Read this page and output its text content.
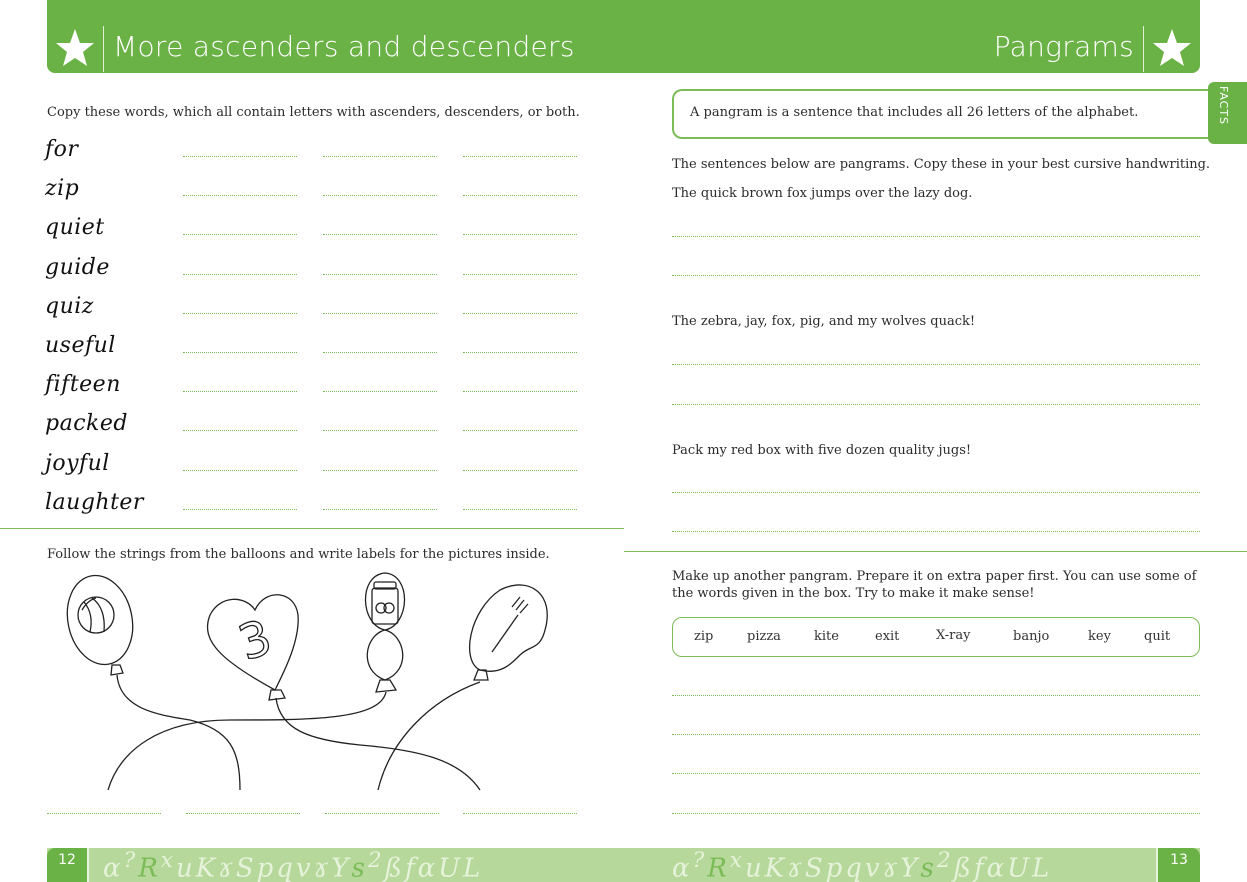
More ascenders and descenders	Pangrams
Copy these words, which all contain letters with ascenders, descenders, or both.
for
zip
quiet
guide
quiz
useful
fifteen
packed
joyful
laughter
Follow the strings from the balloons and write labels for the pictures inside.
3
A pangram is a sentence that includes all 26 letters of the alphabet.	FACTS
The sentences below are pangrams. Copy these in your best cursive handwriting.
The quick brown fox jumps over the lazy dog.
The zebra, jay, fox, pig, and my wolves quack!
Pack my red box with five dozen quality jugs!
Make up another pangram. Prepare it on extra paper first. You can use some of
the words given in the box. Try to make it make sense!
zip	pizza	kite	exit	X-ray	banjo	key	quit
12	$ɑ^?R^xuKɤSpqvɤYs^2ßfɑUL$	$ɑ^?R^xuKɤSpqvɤYs^2ßfɑUL$	13
